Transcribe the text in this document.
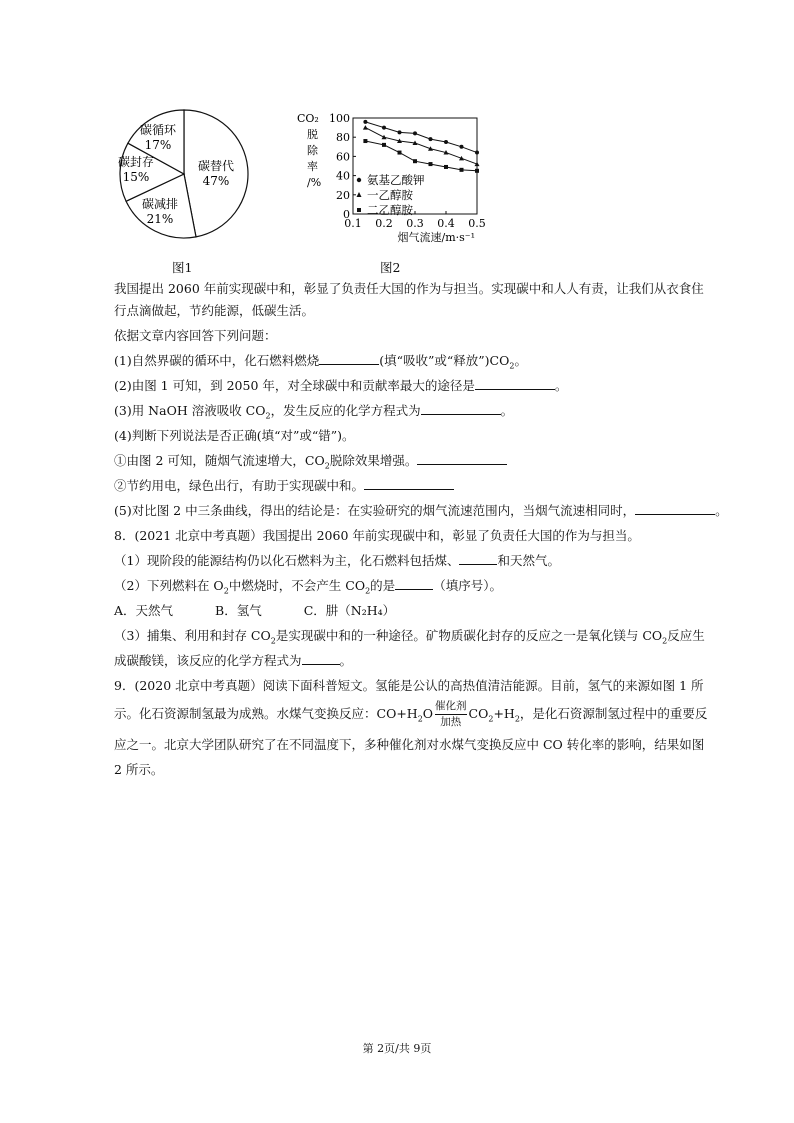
碳替代
47%
碳减排
21%
碳封存
15%
碳循环
17%
图1
CO₂
脱
除
率
/%
0
20
40
60
80
100
0.1 0.2 0.3 0.4 0.5
烟气流速/m·s⁻¹
氨基乙酸钾
一乙醇胺
二乙醇胺
图2
我国提出 2060 年前实现碳中和，彰显了负责任大国的作为与担当。实现碳中和人人有责，让我们从衣食住
行点滴做起，节约能源，低碳生活。
依据文章内容回答下列问题：
(1)自然界碳的循环中，化石燃料燃烧	(填“吸收”或“释放$”)CO_2$。
(2)由图 1 可知，到 2050 年，对全球碳中和贡献率最大的途径是	。
(3)用 NaOH 溶液吸收 $CO_2$，发生反应的化学方程式为	。
(4)判断下列说法是否正确(填“对”或“错”)。
①由图 2 可知，随烟气流速增大，$CO_2$脱除效果增强。
②节约用电，绿色出行，有助于实现碳中和。
(5)对比图 2 中三条曲线，得出的结论是：在实验研究的烟气流速范围内，当烟气流速相同时，	。
8．(2021 北京中考真题）我国提出 2060 年前实现碳中和，彰显了负责任大国的作为与担当。
（1）现阶段的能源结构仍以化石燃料为主，化石燃料包括煤、	和天然气。
（2）下列燃料在 $O_2$中燃烧时，不会产生 $CO_2$的是	（填序号）。
A．天然气	B．氢气	C．肼（N₂H₄）
（3）捕集、利用和封存 $CO_2$是实现碳中和的一种途径。矿物质碳化封存的反应之一是氧化镁与 $CO_2$反应生
成碳酸镁，该反应的化学方程式为	。
9．(2020 北京中考真题）阅读下面科普短文。氢能是公认的高热值清洁能源。目前，氢气的来源如图 1 所
示。化石资源制氢最为成熟。水煤气变换反应：$CO+H_2O$ 催化剂
加热$CO_2+H_2$，是化石资源制氢过程中的重要反
应之一。北京大学团队研究了在不同温度下，多种催化剂对水煤气变换反应中 CO 转化率的影响，结果如图
2 所示。
第 2页/共 9页
